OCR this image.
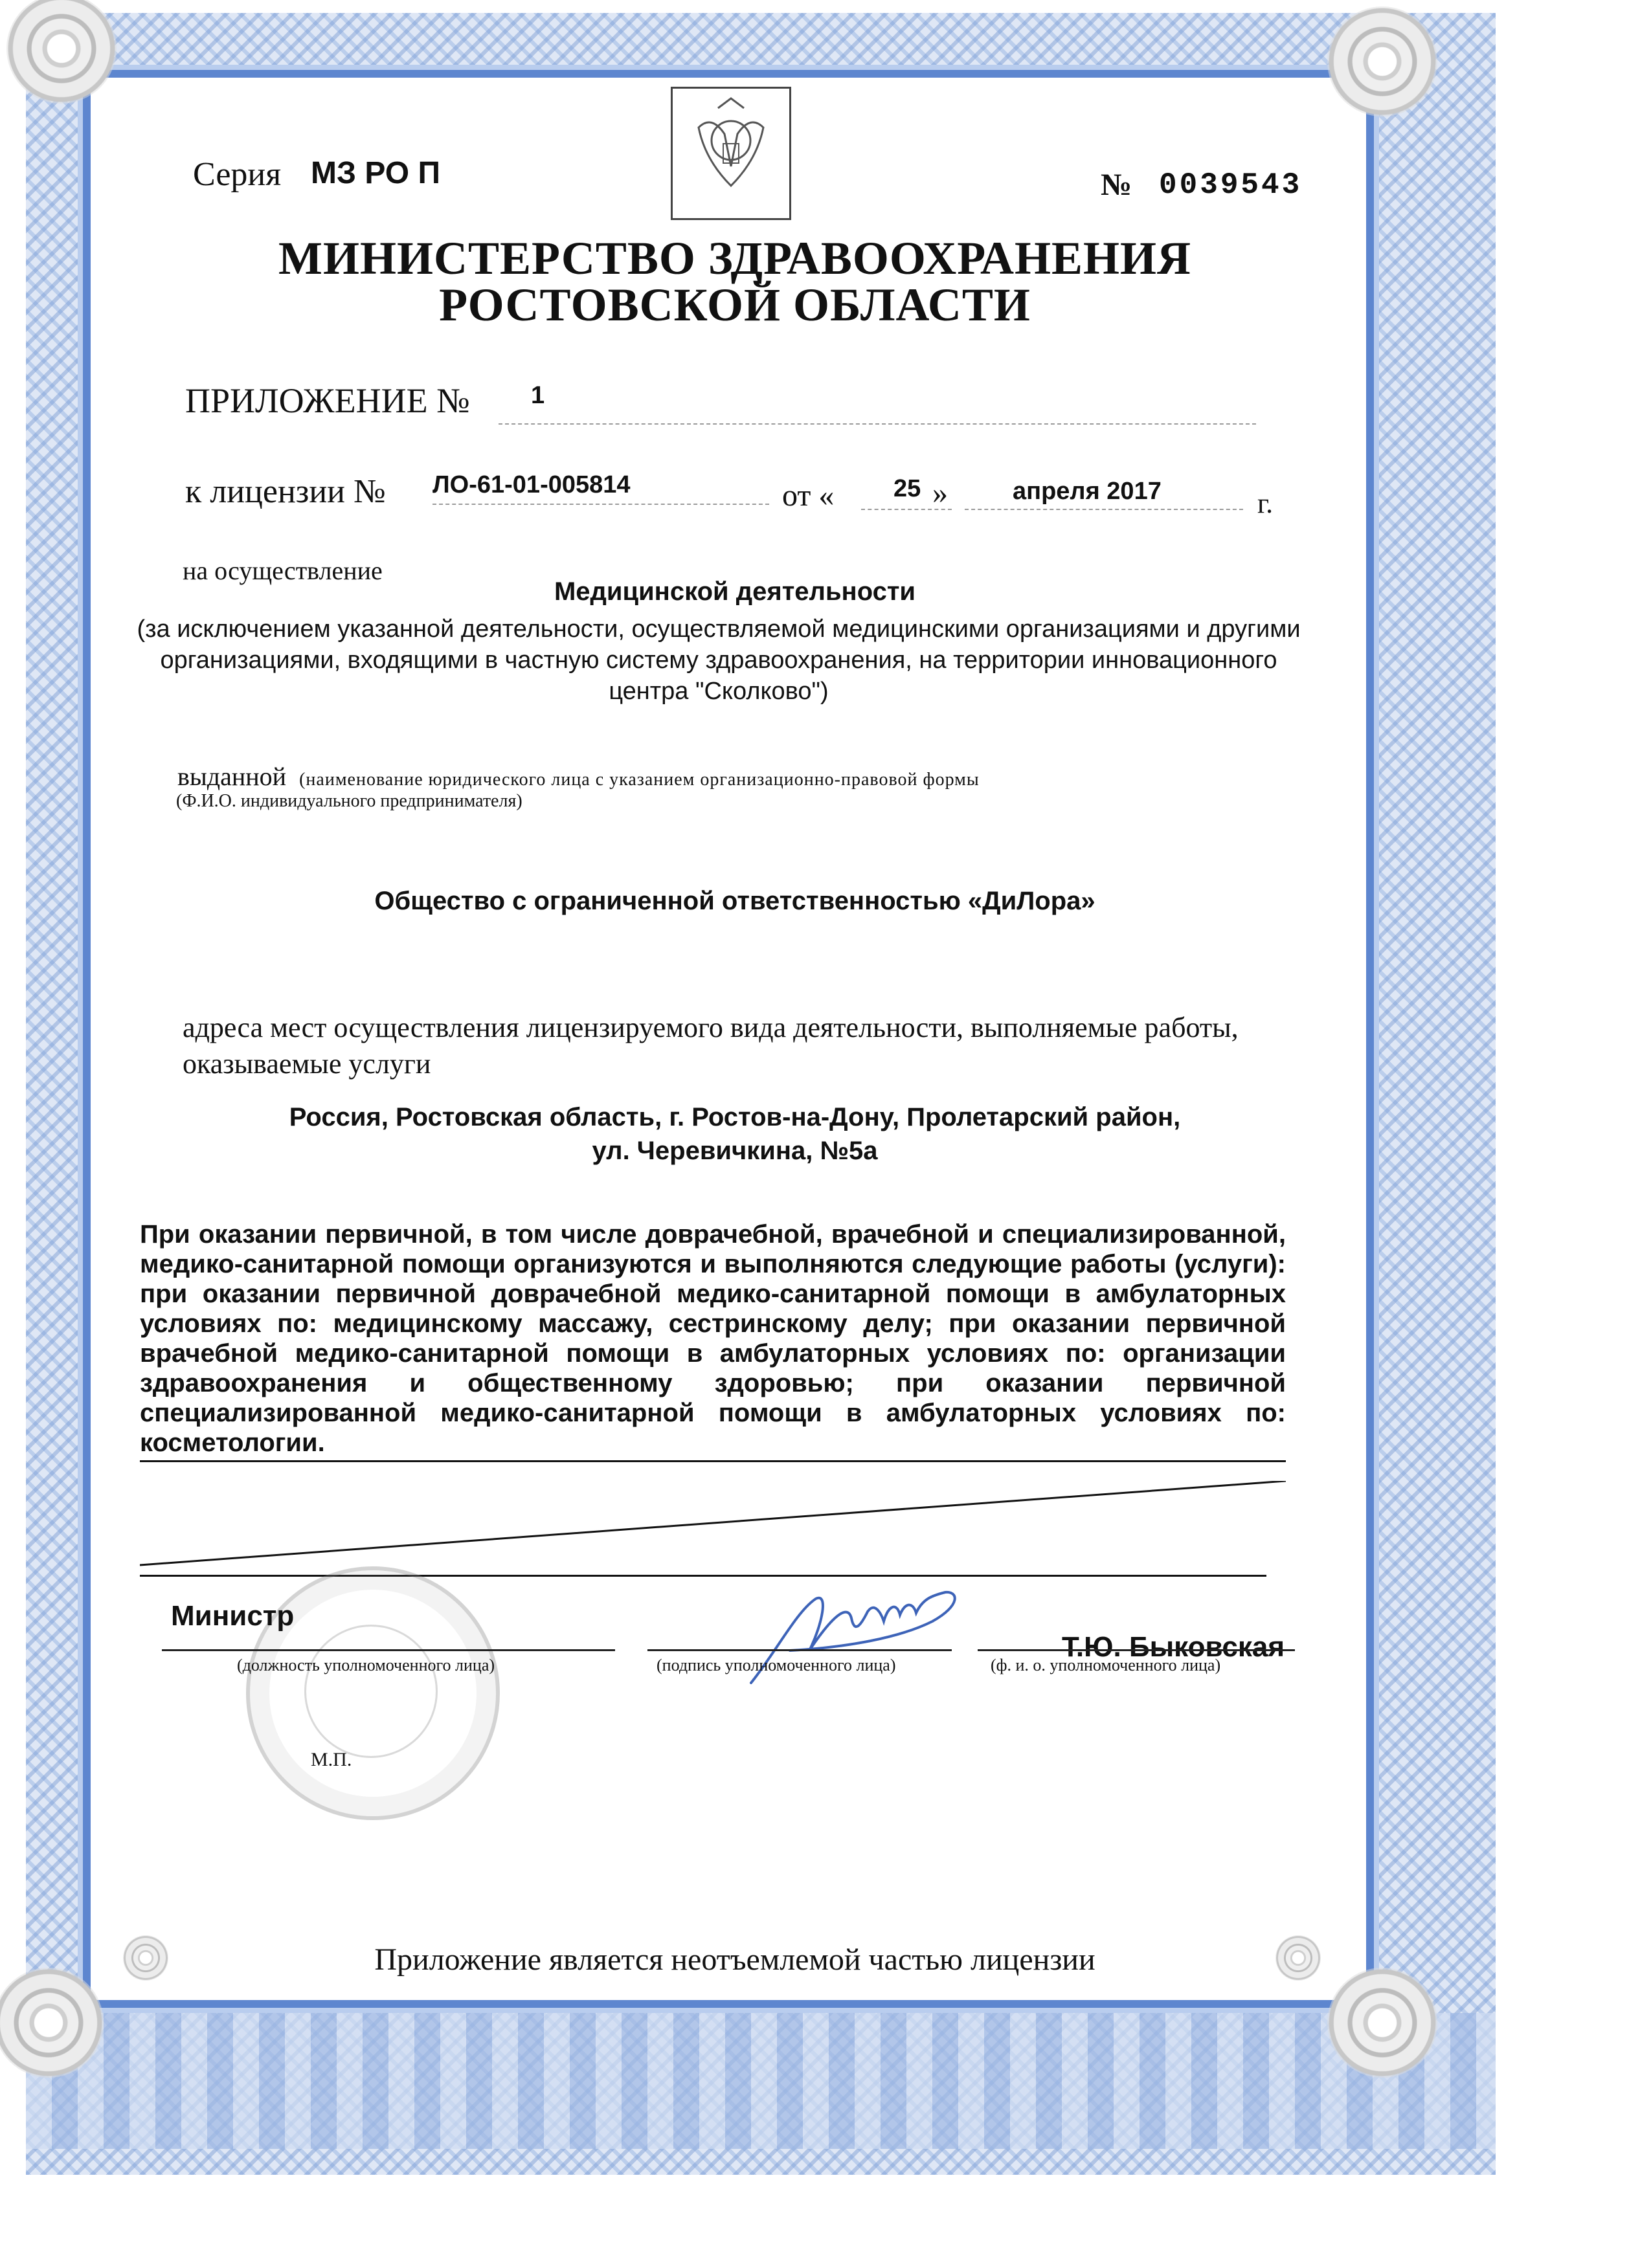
Серия МЗ РО П	№ 0039543
МИНИСТЕРСТВО ЗДРАВООХРАНЕНИЯ
РОСТОВСКОЙ ОБЛАСТИ
ПРИЛОЖЕНИЕ № 1
к лицензии № ЛО-61-01-005814	от « 25 »	апреля 2017	г.
на осуществление
Медицинской деятельности
(за исключением указанной деятельности, осуществляемой медицинскими организациями и другими организациями, входящими в частную систему здравоохранения, на территории инновационного центра "Сколково")
выданной (наименование юридического лица с указанием организационно-правовой формы
(Ф.И.О. индивидуального предпринимателя)
Общество с ограниченной ответственностью «ДиЛора»
адреса мест осуществления лицензируемого вида деятельности, выполняемые работы, оказываемые услуги
Россия, Ростовская область, г. Ростов-на-Дону, Пролетарский район,
ул. Черевичкина, №5а
При оказании первичной, в том числе доврачебной, врачебной и специализированной, медико-санитарной помощи организуются и выполняются следующие работы (услуги): при оказании первичной доврачебной медико-санитарной помощи в амбулаторных условиях по: медицинскому массажу, сестринскому делу; при оказании первичной врачебной медико-санитарной помощи в амбулаторных условиях по: организации здравоохранения и общественному здоровью; при оказании первичной специализированной медико-санитарной помощи в амбулаторных условиях по: косметологии.
Министр
(должность уполномоченного лица)	(подпись уполномоченного лица)
Т.Ю. Быковская
(ф. и. о. уполномоченного лица)
М.П.
Приложение является неотъемлемой частью лицензии
